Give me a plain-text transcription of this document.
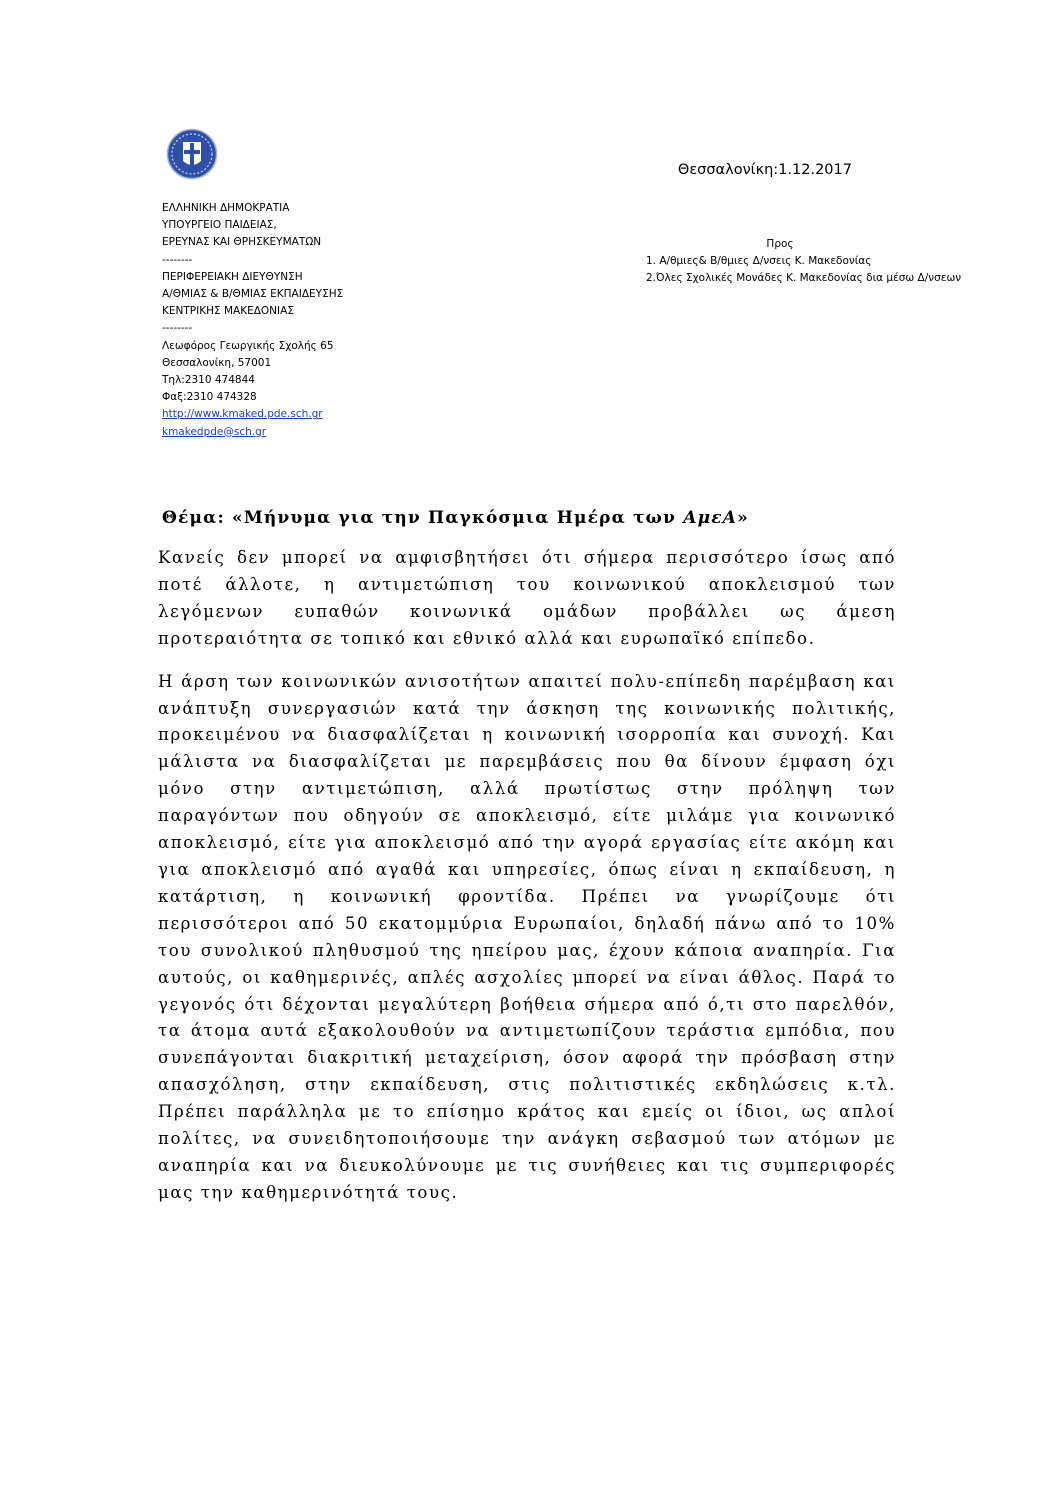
Θεσσαλονίκη:1.12.2017
ΕΛΛΗΝΙΚΗ ΔΗΜΟΚΡΑΤΙΑ
ΥΠΟΥΡΓΕΙΟ ΠΑΙΔΕΙΑΣ,
ΕΡΕΥΝΑΣ ΚΑΙ ΘΡΗΣΚΕΥΜΑΤΩΝ
--------
ΠΕΡΙΦΕΡΕΙΑΚΗ ΔΙΕΥΘΥΝΣΗ
Α/ΘΜΙΑΣ & Β/ΘΜΙΑΣ ΕΚΠΑΙΔΕΥΣΗΣ
ΚΕΝΤΡΙΚΗΣ ΜΑΚΕΔΟΝΙΑΣ
--------
Λεωφόρος Γεωργικής Σχολής 65
Θεσσαλονίκη, 57001
Τηλ:2310 474844
Φαξ:2310 474328
http://www.kmaked.pde.sch.gr
kmakedpde@sch.gr
Προς
1. Α/θμιες& Β/θμιες Δ/νσεις Κ. Μακεδονίας
2.Όλες Σχολικές Μονάδες Κ. Μακεδονίας δια μέσω Δ/νσεων
Θέμα: «Μήνυμα για την Παγκόσμια Ημέρα των ΑμεΑ»

Κανείς δεν μπορεί να αμφισβητήσει ότι σήμερα περισσότερο ίσως από ποτέ άλλοτε, η αντιμετώπιση του κοινωνικού αποκλεισμού των λεγόμενων ευπαθών κοινωνικά ομάδων προβάλλει ως άμεση προτεραιότητα σε τοπικό και εθνικό αλλά και ευρωπαϊκό επίπεδο.

Η άρση των κοινωνικών ανισοτήτων απαιτεί πολυ-επίπεδη παρέμβαση και ανάπτυξη συνεργασιών κατά την άσκηση της κοινωνικής πολιτικής, προκειμένου να διασφαλίζεται η κοινωνική ισορροπία και συνοχή. Και μάλιστα να διασφαλίζεται με παρεμβάσεις που θα δίνουν έμφαση όχι μόνο στην αντιμετώπιση, αλλά πρωτίστως στην πρόληψη των παραγόντων που οδηγούν σε αποκλεισμό, είτε μιλάμε για κοινωνικό αποκλεισμό, είτε για αποκλεισμό από την αγορά εργασίας είτε ακόμη και για αποκλεισμό από αγαθά και υπηρεσίες, όπως είναι η εκπαίδευση, η κατάρτιση, η κοινωνική φροντίδα. Πρέπει να γνωρίζουμε ότι περισσότεροι από 50 εκατομμύρια Ευρωπαίοι, δηλαδή πάνω από το 10% του συνολικού πληθυσμού της ηπείρου μας, έχουν κάποια αναπηρία. Για αυτούς, οι καθημερινές, απλές ασχολίες μπορεί να είναι άθλος. Παρά το γεγονός ότι δέχονται μεγαλύτερη βοήθεια σήμερα από ό,τι στο παρελθόν, τα άτομα αυτά εξακολουθούν να αντιμετωπίζουν τεράστια εμπόδια, που συνεπάγονται διακριτική μεταχείριση, όσον αφορά την πρόσβαση στην απασχόληση, στην εκπαίδευση, στις πολιτιστικές εκδηλώσεις κ.τλ. Πρέπει παράλληλα με το επίσημο κράτος και εμείς οι ίδιοι, ως απλοί πολίτες, να συνειδητοποιήσουμε την ανάγκη σεβασμού των ατόμων με αναπηρία και να διευκολύνουμε με τις συνήθειες και τις συμπεριφορές μας την καθημερινότητά τους.
